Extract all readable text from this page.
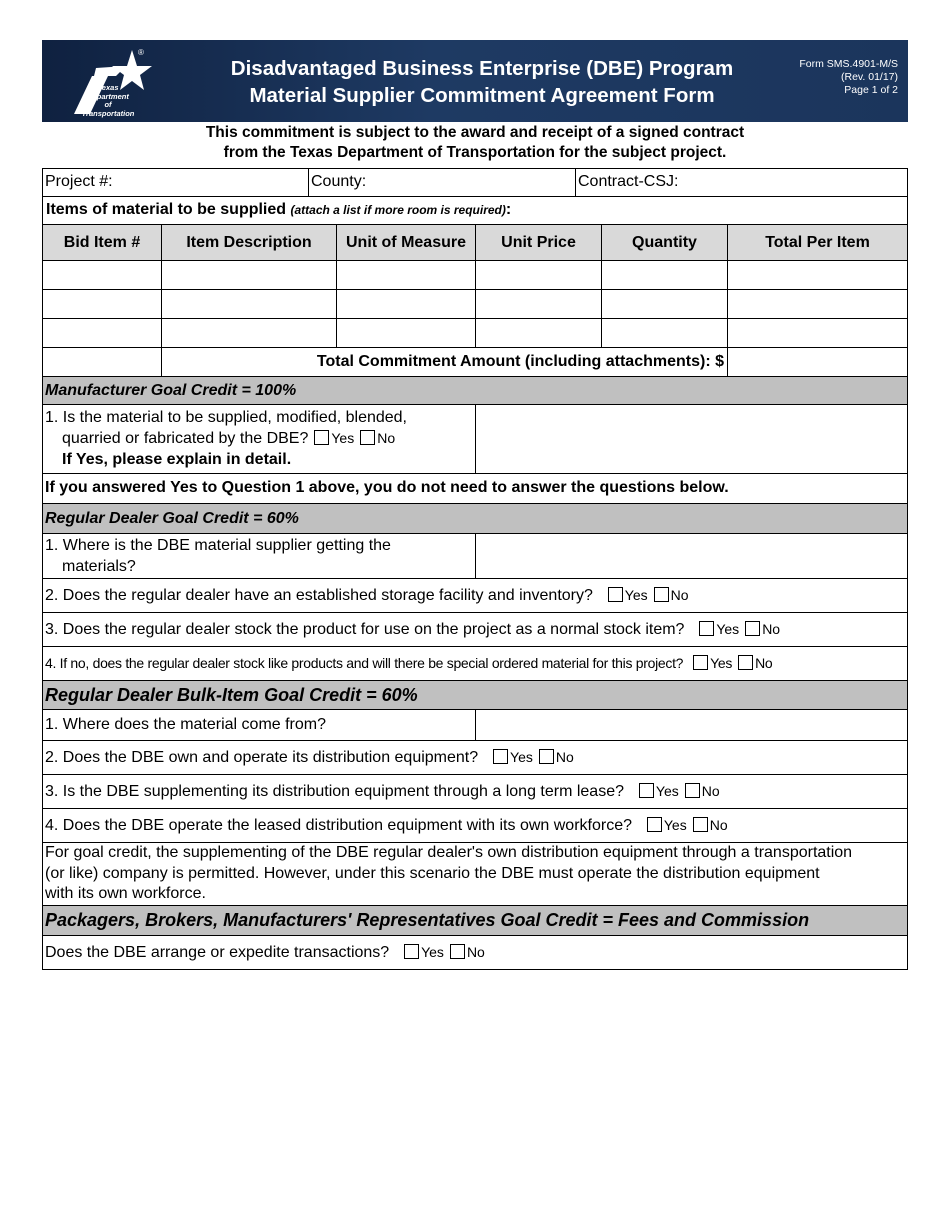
®
Texas
Department
of Transportation
Disadvantaged Business Enterprise (DBE) Program
Material Supplier Commitment Agreement Form
Form SMS.4901-M/S
(Rev. 01/17)
Page 1 of 2
This commitment is subject to the award and receipt of a signed contract
from the Texas Department of Transportation for the subject project.
Project #:	County:	Contract-CSJ:
Items of material to be supplied (attach a list if more room is required):
Bid Item #	Item Description	Unit of Measure	Unit Price	Quantity	Total Per Item
Total Commitment Amount (including attachments): $
Manufacturer Goal Credit = 100%
1. Is the material to be supplied, modified, blended,
quarried or fabricated by the DBE? Yes No
If Yes, please explain in detail.
If you answered Yes to Question 1 above, you do not need to answer the questions below.
Regular Dealer Goal Credit = 60%
1. Where is the DBE material supplier getting the
materials?
2. Does the regular dealer have an established storage facility and inventory? Yes No
3. Does the regular dealer stock the product for use on the project as a normal stock item? Yes No
4. If no, does the regular dealer stock like products and will there be special ordered material for this project? Yes No
Regular Dealer Bulk-Item Goal Credit = 60%
1. Where does the material come from?
2. Does the DBE own and operate its distribution equipment? Yes No
3. Is the DBE supplementing its distribution equipment through a long term lease? Yes No
4. Does the DBE operate the leased distribution equipment with its own workforce? Yes No
For goal credit, the supplementing of the DBE regular dealer's own distribution equipment through a transportation
(or like) company is permitted. However, under this scenario the DBE must operate the distribution equipment
with its own workforce.
Packagers, Brokers, Manufacturers' Representatives Goal Credit = Fees and Commission
Does the DBE arrange or expedite transactions? Yes No
